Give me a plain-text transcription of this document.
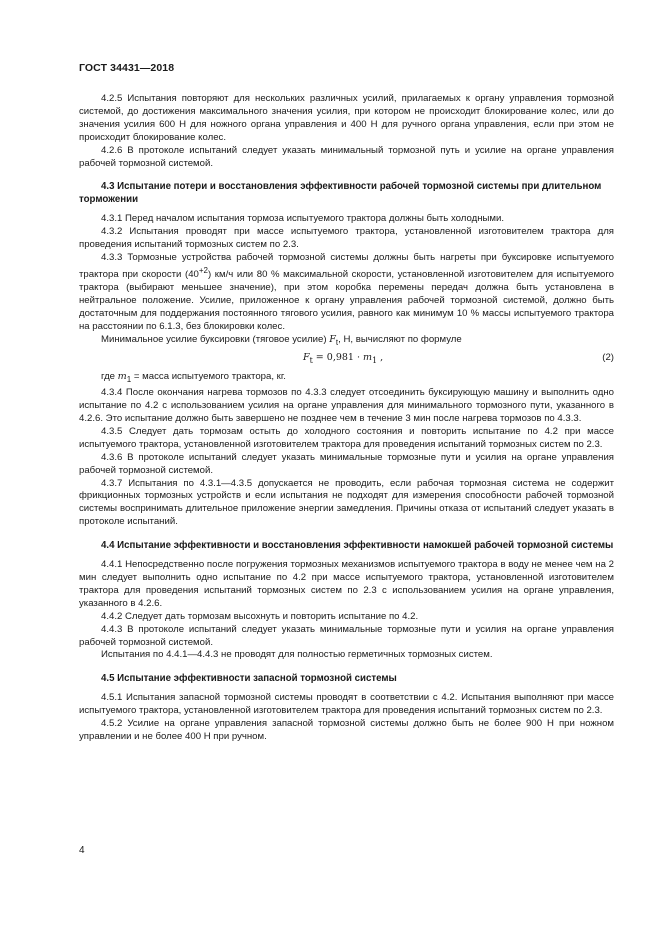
ГОСТ 34431—2018

4.2.5 Испытания повторяют для нескольких различных усилий, прилагаемых к органу управления тормозной системой, до достижения максимального значения усилия, при котором не происходит блокирование колес, или до значения усилия 600 Н для ножного органа управления и 400 Н для ручного органа управления, если при этом не происходит блокирование колес.

4.2.6 В протоколе испытаний следует указать минимальный тормозной путь и усилие на органе управления рабочей тормозной системой.

4.3 Испытание потери и восстановления эффективности рабочей тормозной системы при длительном торможении

4.3.1 Перед началом испытания тормоза испытуемого трактора должны быть холодными.

4.3.2 Испытания проводят при массе испытуемого трактора, установленной изготовителем трактора для проведения испытаний тормозных систем по 2.3.

4.3.3 Тормозные устройства рабочей тормозной системы должны быть нагреты при буксировке испытуемого трактора при скорости $(40^{+2})$ км/ч или 80 % максимальной скорости, установленной изготовителем для испытуемого трактора (выбирают меньшее значение), при этом коробка перемены передач должна быть установлена в нейтральное положение. Усилие, приложенное к органу управления рабочей тормозной системой, должно быть достаточным для поддержания постоянного тягового усилия, равного как минимум 10 % массы испытуемого трактора на расстоянии по 6.1.3, без блокировки колес.

Минимальное усилие буксировки (тяговое усилие) $F_t$, Н, вычисляют по формуле

$F_t = 0,981 \cdot m_1$ ,	(2)

где $m_1$ = масса испытуемого трактора, кг.

4.3.4 После окончания нагрева тормозов по 4.3.3 следует отсоединить буксирующую машину и выполнить одно испытание по 4.2 с использованием усилия на органе управления для минимального тормозного пути, указанного в 4.2.6. Это испытание должно быть завершено не позднее чем в течение 3 мин после нагрева тормозов по 4.3.3.

4.3.5 Следует дать тормозам остыть до холодного состояния и повторить испытание по 4.2 при массе испытуемого трактора, установленной изготовителем трактора для проведения испытаний тормозных систем по 2.3.

4.3.6 В протоколе испытаний следует указать минимальные тормозные пути и усилия на органе управления рабочей тормозной системой.

4.3.7 Испытания по 4.3.1—4.3.5 допускается не проводить, если рабочая тормозная система не содержит фрикционных тормозных устройств и если испытания не подходят для измерения способности рабочей тормозной системы воспринимать длительное приложение энергии замедления. Причины отказа от испытаний следует указать в протоколе испытаний.

4.4 Испытание эффективности и восстановления эффективности намокшей рабочей тормозной системы

4.4.1 Непосредственно после погружения тормозных механизмов испытуемого трактора в воду не менее чем на 2 мин следует выполнить одно испытание по 4.2 при массе испытуемого трактора, установленной изготовителем трактора для проведения испытаний тормозных систем по 2.3 с использованием усилия на органе управления, указанного в 4.2.6.

4.4.2 Следует дать тормозам высохнуть и повторить испытание по 4.2.

4.4.3 В протоколе испытаний следует указать минимальные тормозные пути и усилия на органе управления рабочей тормозной системой.

Испытания по 4.4.1—4.4.3 не проводят для полностью герметичных тормозных систем.

4.5 Испытание эффективности запасной тормозной системы

4.5.1 Испытания запасной тормозной системы проводят в соответствии с 4.2. Испытания выполняют при массе испытуемого трактора, установленной изготовителем трактора для проведения испытаний тормозных систем по 2.3.

4.5.2 Усилие на органе управления запасной тормозной системы должно быть не более 900 Н при ножном управлении и не более 400 Н при ручном.

4
